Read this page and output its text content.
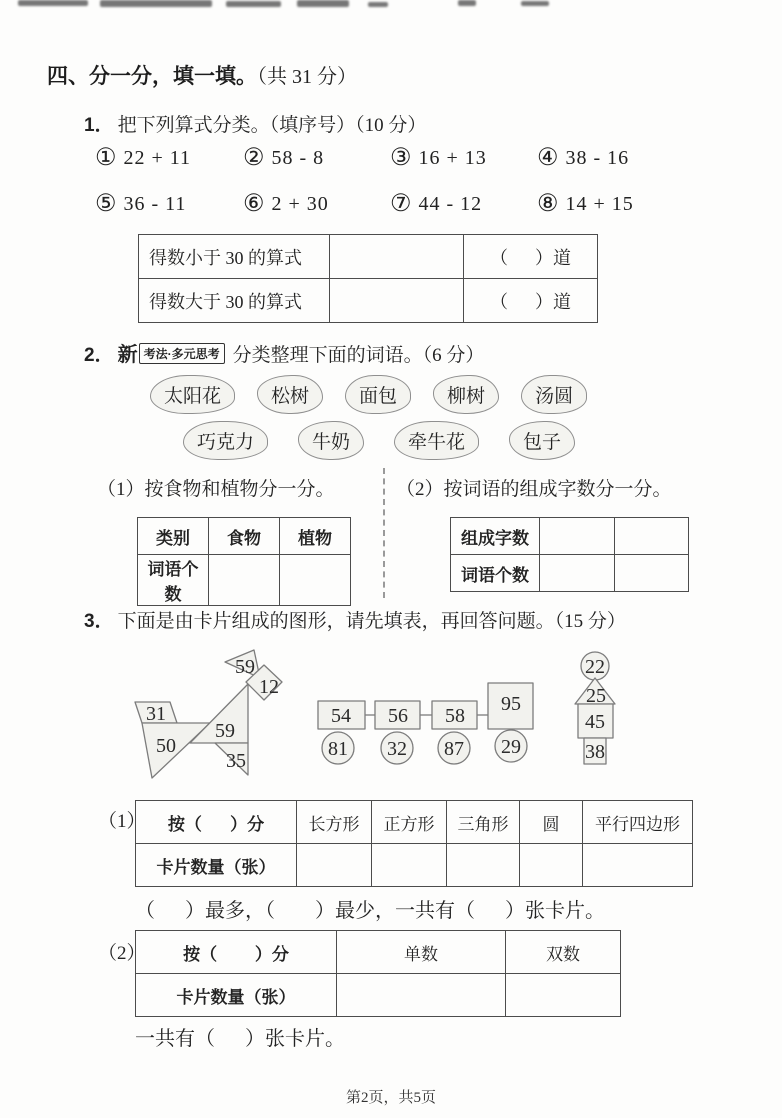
四、分一分，填一填。（共 31 分）
1． 把下列算式分类。（填序号）（10 分）
① 22 + 11 ② 58 - 8	③ 16 + 13 ④ 38 - 16
⑤ 36 - 11 ⑥ 2 + 30	⑦ 44 - 12 ⑧ 14 + 15
得数小于 30 的算式		（      ）道
得数大于 30 的算式		（      ）道
2． 新 考法·多元思考 分类整理下面的词语。（6 分）
太阳花	松树	面包	柳树	汤圆
巧克力	牛奶	牵牛花	包子
（1）按食物和植物分一分。	（2）按词语的组成字数分一分。
类别	食物	植物
词语个数		
组成字数		
词语个数		
3． 下面是由卡片组成的图形，请先填表，再回答问题。（15 分）
31
50
59
35
59
12
54 56 58
95
81 32 87 29
22
25
45
38
（1） 按（      ）分	长方形	正方形	三角形	圆	平行四边形
卡片数量（张）					
（      ）最多，（        ）最少，一共有（      ）张卡片。
（2） 按（        ）分	单数	双数
卡片数量（张）		
一共有（      ）张卡片。
第2页，共5页
